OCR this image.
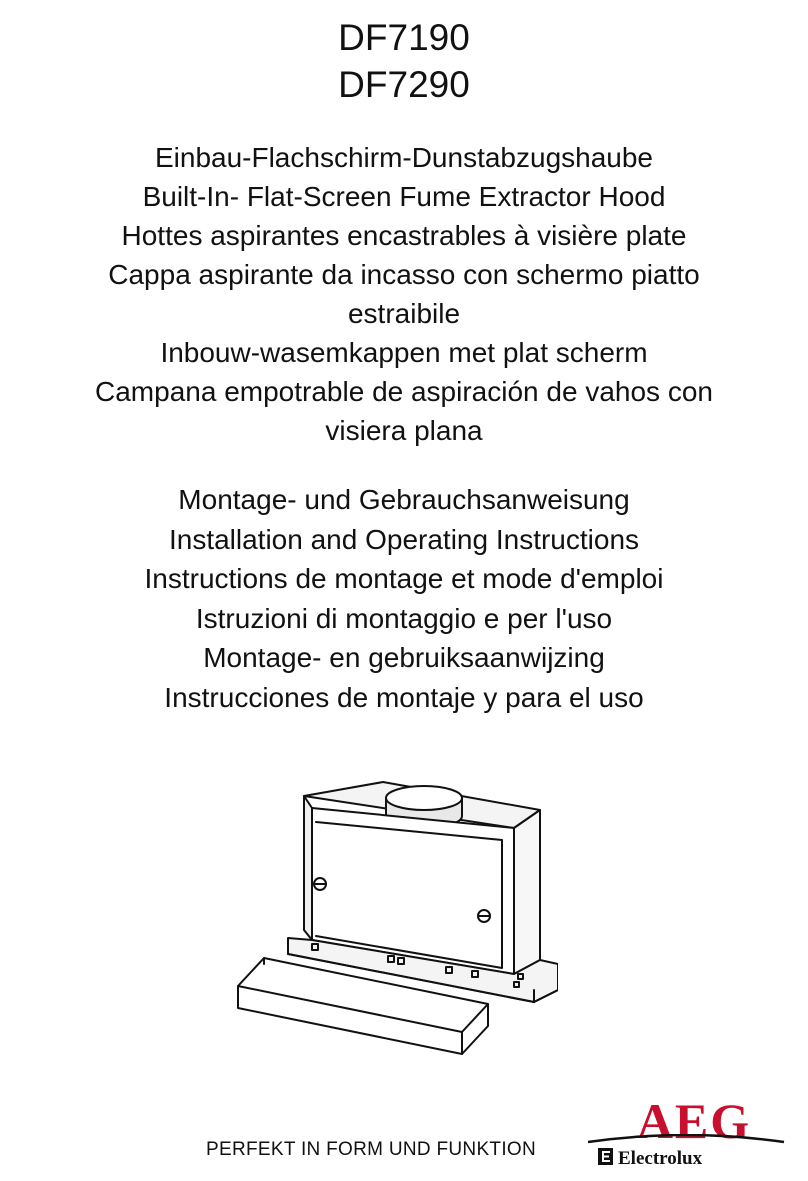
DF7190
DF7290
Einbau-Flachschirm-Dunstabzugshaube
Built-In- Flat-Screen Fume Extractor Hood
Hottes aspirantes encastrables à visière plate
Cappa aspirante da incasso con schermo piatto
estraibile
Inbouw-wasemkappen met plat scherm
Campana empotrable de aspiración de vahos con
visiera plana
Montage- und Gebrauchsanweisung
Installation and Operating Instructions
Instructions de montage et mode d'emploi
Istruzioni di montaggio e per l'uso
Montage- en gebruiksaanwijzing
Instrucciones de montaje y para el uso
AEG
PERFEKT IN FORM UND FUNKTION	Electrolux
